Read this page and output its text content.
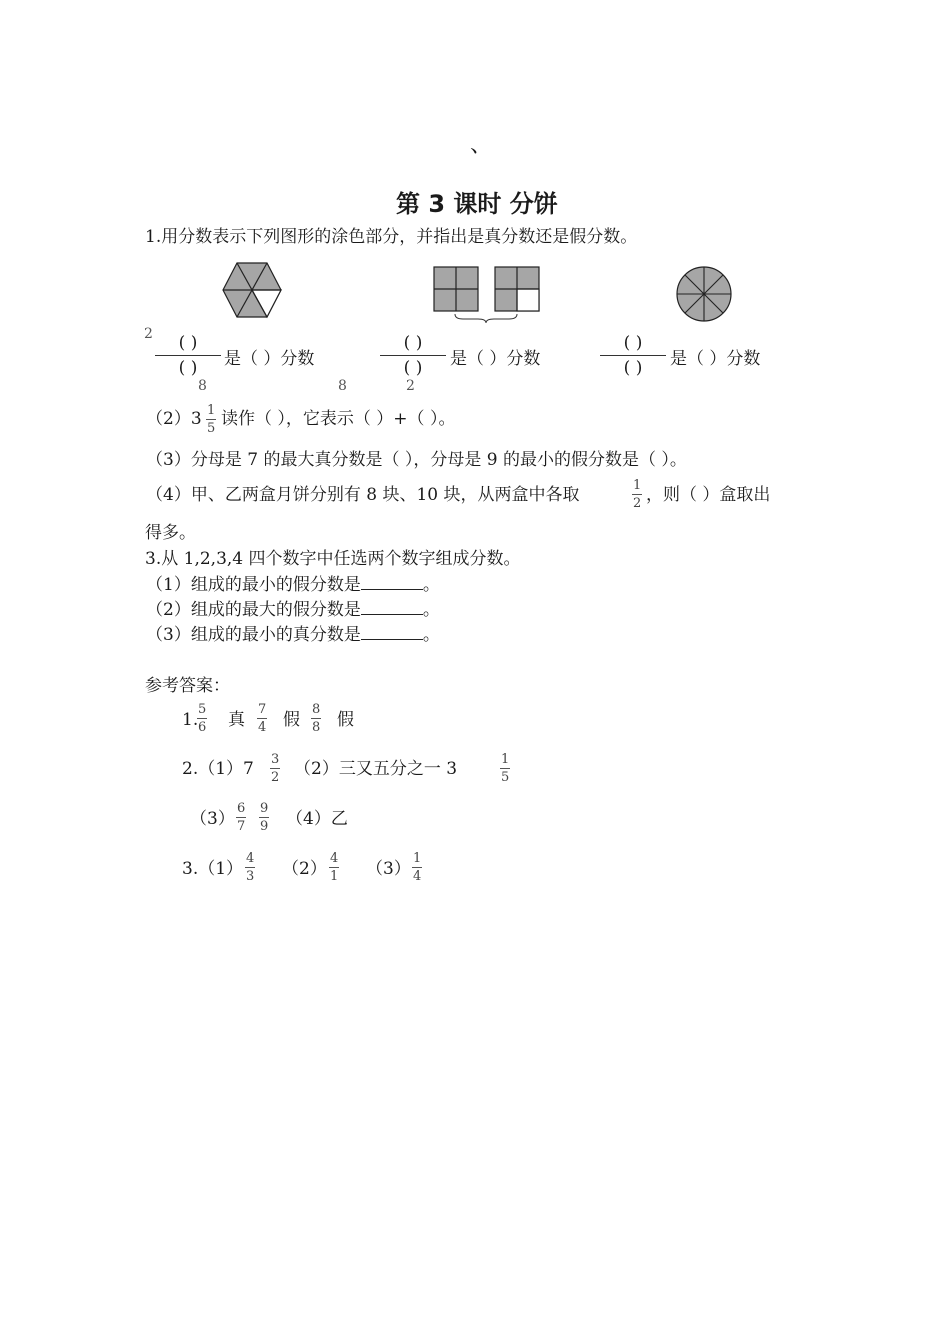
、
第 3 课时 分饼
1.用分数表示下列图形的涂色部分，并指出是真分数还是假分数。
2 ( )
( ) 是（ ）分数
8	8
( )
( ) 是（ ）分数
2
( )
( ) 是（ ）分数
（2）3 1
5 读作（ ），它表示（ ）+（ ）。
（3）分母是 7 的最大真分数是（ ），分母是 9 的最小的假分数是（ ）。
（4）甲、乙两盒月饼分别有 8 块、10 块，从两盒中各取	1
2 ，则（ ）盒取出
得多。
3.从 1,2,3,4 四个数字中任选两个数字组成分数。
（1）组成的最小的假分数是	。
（2）组成的最大的假分数是	。
（3）组成的最小的真分数是	。
参考答案：
1.
5
6 真
7
4 假
8
8 假
2.（1）7 3
2 （2）三又五分之一 3	1
5
（3）
6
7
9
9 （4）乙
3.（1）
4
3 （2）
4
1 （3）
1
4
